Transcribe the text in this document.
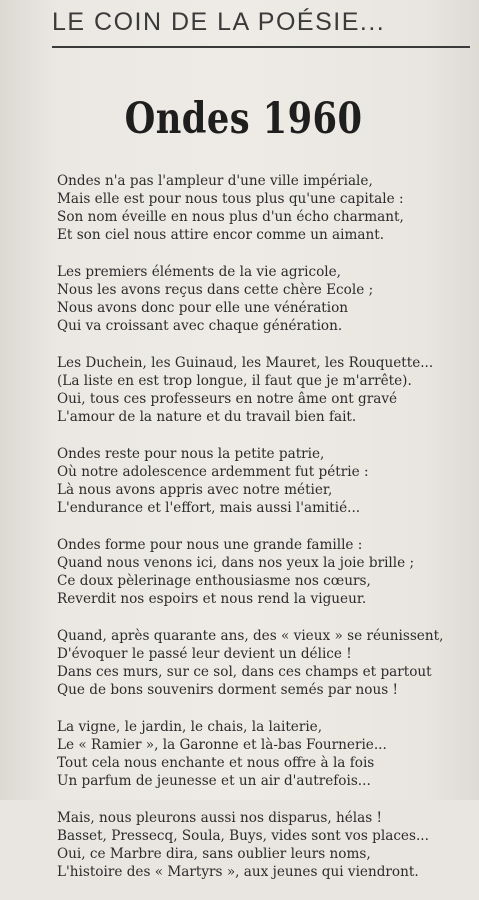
LE COIN DE LA POÉSIE...
Ondes 1960
Ondes n'a pas l'ampleur d'une ville impériale,
Mais elle est pour nous tous plus qu'une capitale :
Son nom éveille en nous plus d'un écho charmant,
Et son ciel nous attire encor comme un aimant.
Les premiers éléments de la vie agricole,
Nous les avons reçus dans cette chère Ecole ;
Nous avons donc pour elle une vénération
Qui va croissant avec chaque génération.
Les Duchein, les Guinaud, les Mauret, les Rouquette...
(La liste en est trop longue, il faut que je m'arrête).
Oui, tous ces professeurs en notre âme ont gravé
L'amour de la nature et du travail bien fait.
Ondes reste pour nous la petite patrie,
Où notre adolescence ardemment fut pétrie :
Là nous avons appris avec notre métier,
L'endurance et l'effort, mais aussi l'amitié...
Ondes forme pour nous une grande famille :
Quand nous venons ici, dans nos yeux la joie brille ;
Ce doux pèlerinage enthousiasme nos cœurs,
Reverdit nos espoirs et nous rend la vigueur.
Quand, après quarante ans, des « vieux » se réunissent,
D'évoquer le passé leur devient un délice !
Dans ces murs, sur ce sol, dans ces champs et partout
Que de bons souvenirs dorment semés par nous !
La vigne, le jardin, le chais, la laiterie,
Le « Ramier », la Garonne et là-bas Fournerie...
Tout cela nous enchante et nous offre à la fois
Un parfum de jeunesse et un air d'autrefois...
Mais, nous pleurons aussi nos disparus, hélas !
Basset, Pressecq, Soula, Buys, vides sont vos places...
Oui, ce Marbre dira, sans oublier leurs noms,
L'histoire des « Martyrs », aux jeunes qui viendront.
